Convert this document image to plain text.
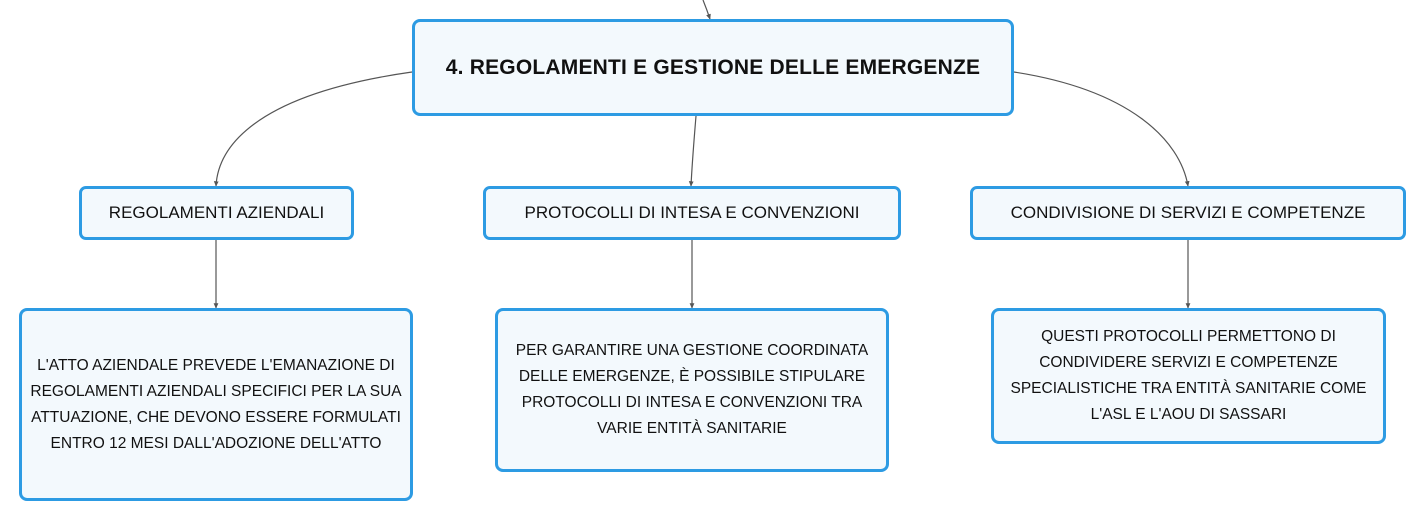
4. REGOLAMENTI E GESTIONE DELLE EMERGENZE
REGOLAMENTI AZIENDALI	PROTOCOLLI DI INTESA E CONVENZIONI	CONDIVISIONE DI SERVIZI E COMPETENZE
L'ATTO AZIENDALE PREVEDE L'EMANAZIONE DI REGOLAMENTI AZIENDALI SPECIFICI PER LA SUA ATTUAZIONE, CHE DEVONO ESSERE FORMULATI ENTRO 12 MESI DALL'ADOZIONE DELL'ATTO
PER GARANTIRE UNA GESTIONE COORDINATA DELLE EMERGENZE, È POSSIBILE STIPULARE PROTOCOLLI DI INTESA E CONVENZIONI TRA VARIE ENTITÀ SANITARIE
QUESTI PROTOCOLLI PERMETTONO DI CONDIVIDERE SERVIZI E COMPETENZE SPECIALISTICHE TRA ENTITÀ SANITARIE COME L'ASL E L'AOU DI SASSARI
